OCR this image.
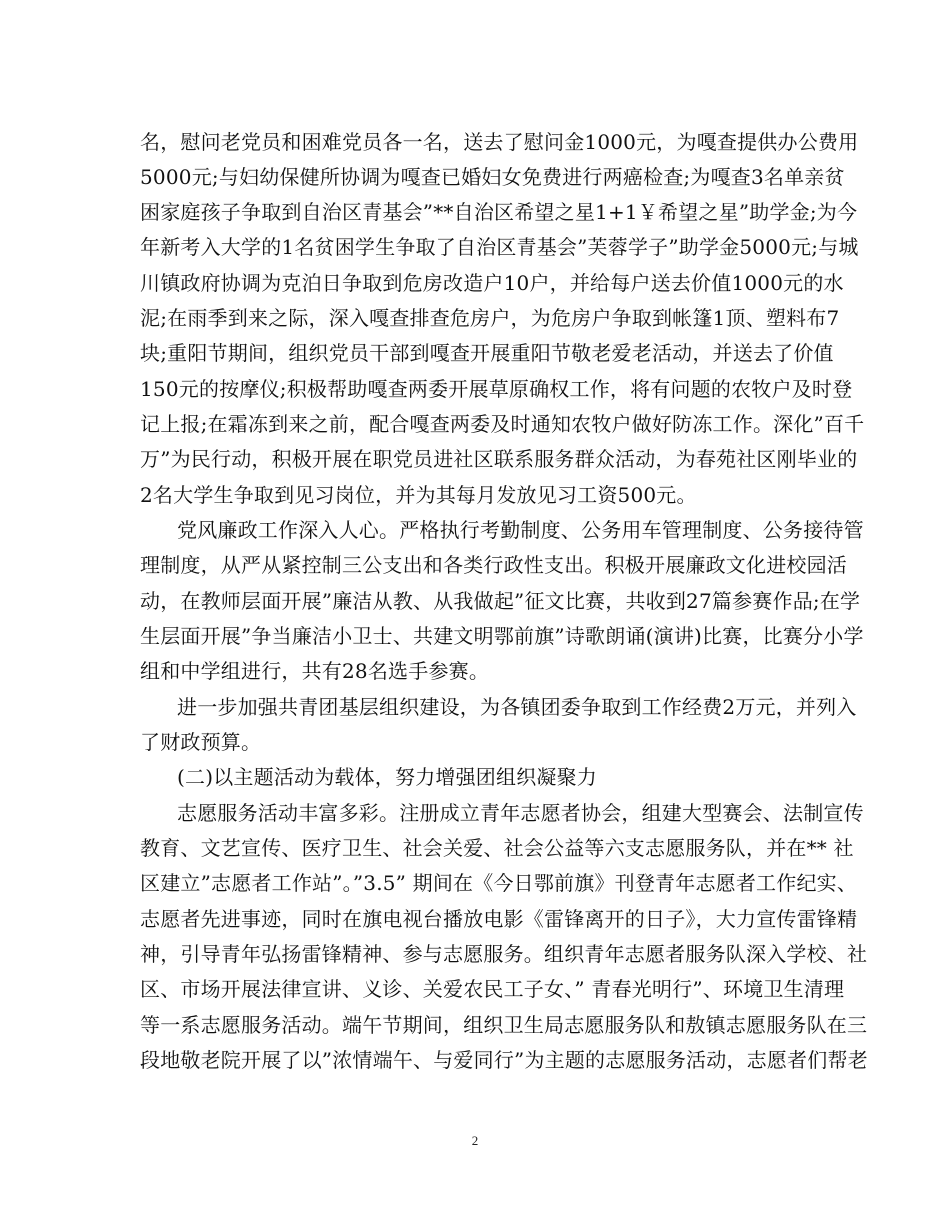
名，慰问老党员和困难党员各一名，送去了慰问金1000元，为嘎查提供办公费用
5000元;与妇幼保健所协调为嘎查已婚妇女免费进行两癌检查;为嘎查3名单亲贫
困家庭孩子争取到自治区青基会”**自治区希望之星1+1￥希望之星”助学金;为今
年新考入大学的1名贫困学生争取了自治区青基会”芙蓉学子”助学金5000元;与城
川镇政府协调为克泊日争取到危房改造户10户，并给每户送去价值1000元的水
泥;在雨季到来之际，深入嘎查排查危房户，为危房户争取到帐篷1顶、塑料布7
块;重阳节期间，组织党员干部到嘎查开展重阳节敬老爱老活动，并送去了价值
150元的按摩仪;积极帮助嘎查两委开展草原确权工作，将有问题的农牧户及时登
记上报;在霜冻到来之前，配合嘎查两委及时通知农牧户做好防冻工作。深化”百千
万”为民行动，积极开展在职党员进社区联系服务群众活动，为春苑社区刚毕业的
2名大学生争取到见习岗位，并为其每月发放见习工资500元。
党风廉政工作深入人心。严格执行考勤制度、公务用车管理制度、公务接待管
理制度，从严从紧控制三公支出和各类行政性支出。积极开展廉政文化进校园活
动，在教师层面开展”廉洁从教、从我做起”征文比赛，共收到27篇参赛作品;在学
生层面开展”争当廉洁小卫士、共建文明鄂前旗”诗歌朗诵(演讲)比赛，比赛分小学
组和中学组进行，共有28名选手参赛。
进一步加强共青团基层组织建设，为各镇团委争取到工作经费2万元，并列入
了财政预算。
(二)以主题活动为载体，努力增强团组织凝聚力
志愿服务活动丰富多彩。注册成立青年志愿者协会，组建大型赛会、法制宣传
教育、文艺宣传、医疗卫生、社会关爱、社会公益等六支志愿服务队，并在** 社
区建立”志愿者工作站”。”3.5” 期间在《今日鄂前旗》刊登青年志愿者工作纪实、
志愿者先进事迹，同时在旗电视台播放电影《雷锋离开的日子》，大力宣传雷锋精
神，引导青年弘扬雷锋精神、参与志愿服务。组织青年志愿者服务队深入学校、社
区、市场开展法律宣讲、义诊、关爱农民工子女、” 青春光明行”、环境卫生清理
等一系志愿服务活动。端午节期间，组织卫生局志愿服务队和敖镇志愿服务队在三
段地敬老院开展了以”浓情端午、与爱同行”为主题的志愿服务活动，志愿者们帮老
2
